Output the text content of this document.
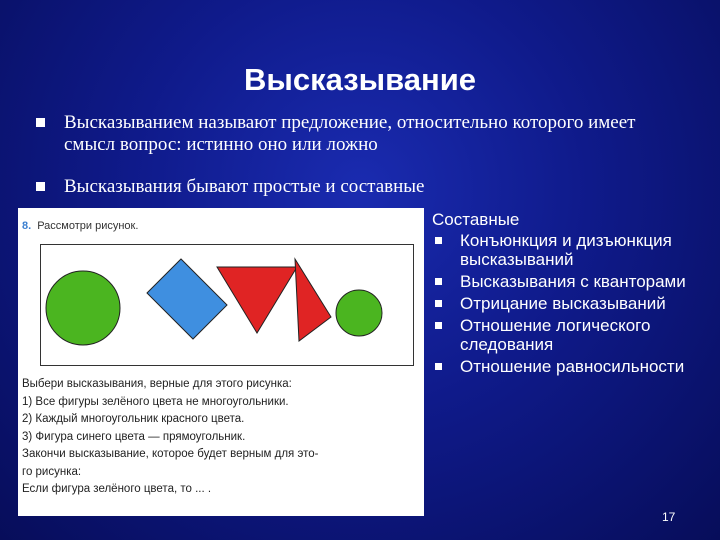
Высказывание
Высказыванием называют предложение, относительно которого имеет смысл вопрос: истинно оно или ложно
Высказывания бывают простые и составные
8. Рассмотри рисунок.
Выбери высказывания, верные для этого рисунка:
1) Все фигуры зелёного цвета не многоугольники.
2) Каждый многоугольник красного цвета.
3) Фигура синего цвета — прямоугольник.
Закончи высказывание, которое будет верным для это-
го рисунка:
Если фигура зелёного цвета, то ... .
Составные
Конъюнкция и дизъюнкция высказываний
Высказывания с кванторами
Отрицание высказываний
Отношение логического следования
Отношение равносильности
17
